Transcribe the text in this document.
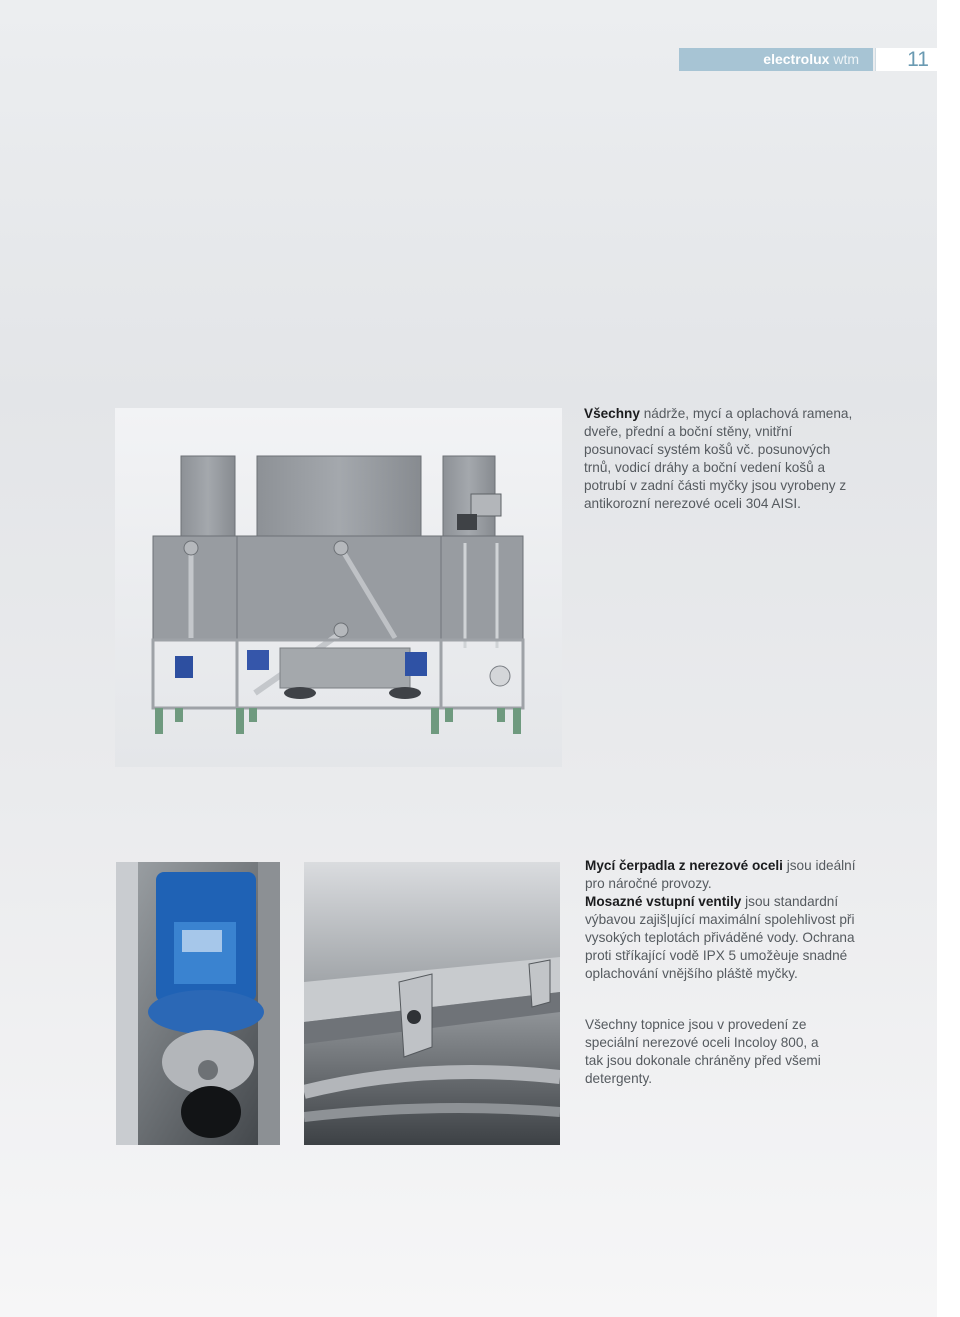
electrolux wtm	11

Všechny nádrže, mycí a oplachová ramena, dveře, přední a boční stěny, vnitřní posunovací systém košů vč. posunových trnů, vodicí dráhy a boční vedení košů a potrubí v zadní části myčky jsou vyrobeny z antikorozní nerezové oceli 304 AISI.

Mycí čerpadla z nerezové oceli jsou ideální pro náročné provozy.

Mosazné vstupní ventily jsou standardní výbavou zajiš|ující maximální spolehlivost při vysokých teplotách přiváděné vody. Ochrana proti stříkající vodě IPX 5 umožèuje snadné oplachování vnějšího pláště myčky.

Všechny topnice jsou v provedení ze speciální nerezové oceli Incoloy 800, a tak jsou dokonale chráněny před všemi detergenty.
